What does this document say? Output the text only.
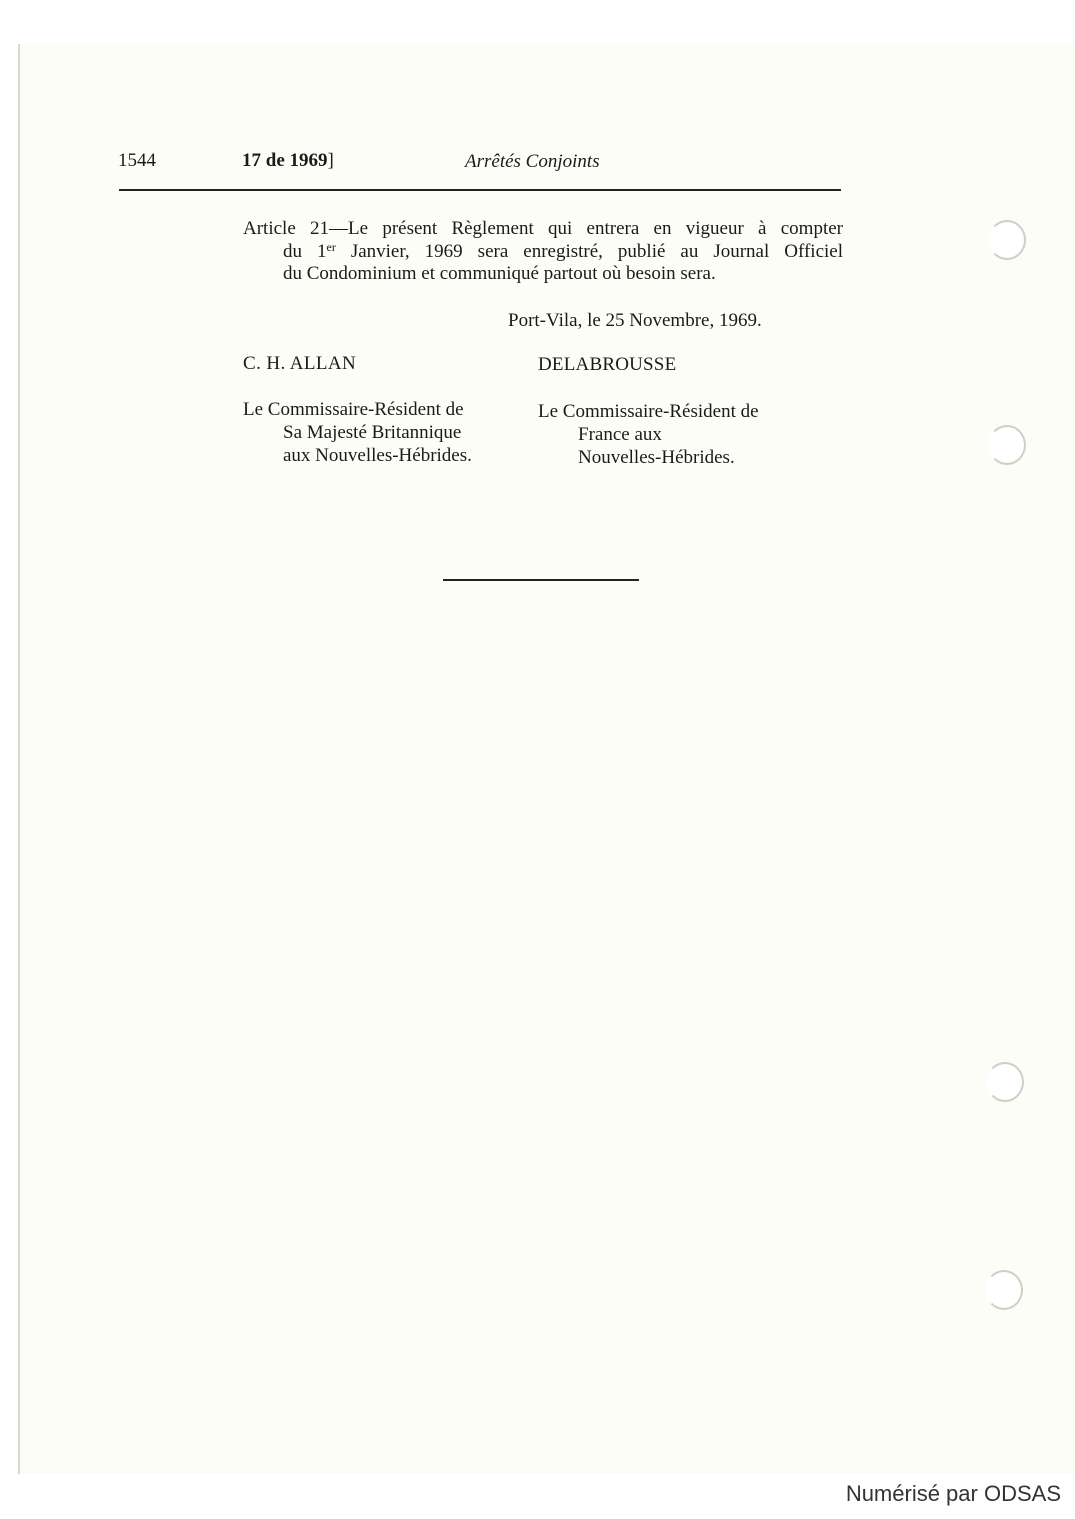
1544	17 de 1969]	Arrêtés Conjoints
Article 21—Le présent Règlement qui entrera en vigueur à compter
du 1er Janvier, 1969 sera enregistré, publié au Journal Officiel
du Condominium et communiqué partout où besoin sera.
Port-Vila, le 25 Novembre, 1969.
C. H. ALLAN	DELABROUSSE
Le Commissaire-Résident de
Sa Majesté Britannique
aux Nouvelles-Hébrides.
Le Commissaire-Résident de
France aux
Nouvelles-Hébrides.
Numérisé par ODSAS
